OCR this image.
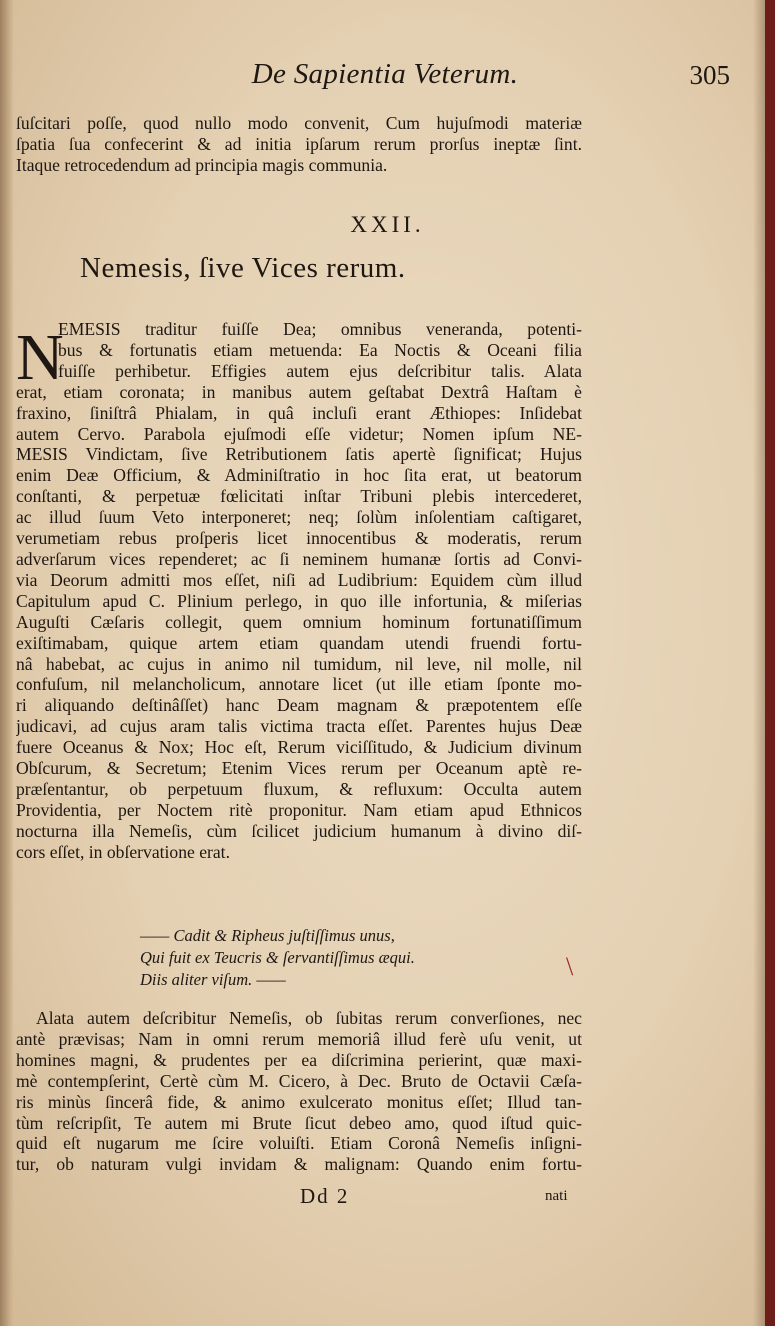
De Sapientia Veterum.	305
ſuſcitari poſſe, quod nullo modo convenit, Cum hujuſmodi materiæ
ſpatia ſua confecerint & ad initia ipſarum rerum prorſus ineptæ ſint.
Itaque retrocedendum ad principia magis communia.
XXII.
Nemesis, ſive Vices rerum.
N
EMESIS traditur fuiſſe Dea; omnibus veneranda, potenti-
bus & fortunatis etiam metuenda: Ea Noctis & Oceani filia
fuiſſe perhibetur. Effigies autem ejus deſcribitur talis. Alata
erat, etiam coronata; in manibus autem geſtabat Dextrâ Haſtam è
fraxino, ſiniſtrâ Phialam, in quâ incluſi erant Æthiopes: Inſidebat
autem Cervo. Parabola ejuſmodi eſſe videtur; Nomen ipſum NE-
MESIS Vindictam, ſive Retributionem ſatis apertè ſignificat; Hujus
enim Deæ Officium, & Adminiſtratio in hoc ſita erat, ut beatorum
conſtanti, & perpetuæ fœlicitati inſtar Tribuni plebis intercederet,
ac illud ſuum Veto interponeret; neq; ſolùm inſolentiam caſtigaret,
verumetiam rebus proſperis licet innocentibus & moderatis, rerum
adverſarum vices rependeret; ac ſi neminem humanæ ſortis ad Convi-
via Deorum admitti mos eſſet, niſi ad Ludibrium: Equidem cùm illud
Capitulum apud C. Plinium perlego, in quo ille infortunia, & miſerias
Auguſti Cæſaris collegit, quem omnium hominum fortunatiſſimum
exiſtimabam, quique artem etiam quandam utendi fruendi fortu-
nâ habebat, ac cujus in animo nil tumidum, nil leve, nil molle, nil
confuſum, nil melancholicum, annotare licet (ut ille etiam ſponte mo-
ri aliquando deſtinâſſet) hanc Deam magnam & præpotentem eſſe
judicavi, ad cujus aram talis victima tracta eſſet. Parentes hujus Deæ
fuere Oceanus & Nox; Hoc eſt, Rerum viciſſitudo, & Judicium divinum
Obſcurum, & Secretum; Etenim Vices rerum per Oceanum aptè re-
præſentantur, ob perpetuum fluxum, & refluxum: Occulta autem
Providentia, per Noctem ritè proponitur. Nam etiam apud Ethnicos
nocturna illa Nemeſis, cùm ſcilicet judicium humanum à divino diſ-
cors eſſet, in obſervatione erat.
—— Cadit & Ripheus juſtiſſimus unus,
Qui fuit ex Teucris & ſervantiſſimus æqui.
Diis aliter viſum. ——	\
Alata autem deſcribitur Nemeſis, ob ſubitas rerum converſiones, nec
antè prævisas; Nam in omni rerum memoriâ illud ferè uſu venit, ut
homines magni, & prudentes per ea diſcrimina perierint, quæ maxi-
mè contempſerint, Certè cùm M. Cicero, à Dec. Bruto de Octavii Cæſa-
ris minùs ſincerâ fide, & animo exulcerato monitus eſſet; Illud tan-
tùm reſcripſit, Te autem mi Brute ſicut debeo amo, quod iſtud quic-
quid eſt nugarum me ſcire voluiſti. Etiam Coronâ Nemeſis inſigni-
tur, ob naturam vulgi invidam & malignam: Quando enim fortu-
Dd 2	nati
